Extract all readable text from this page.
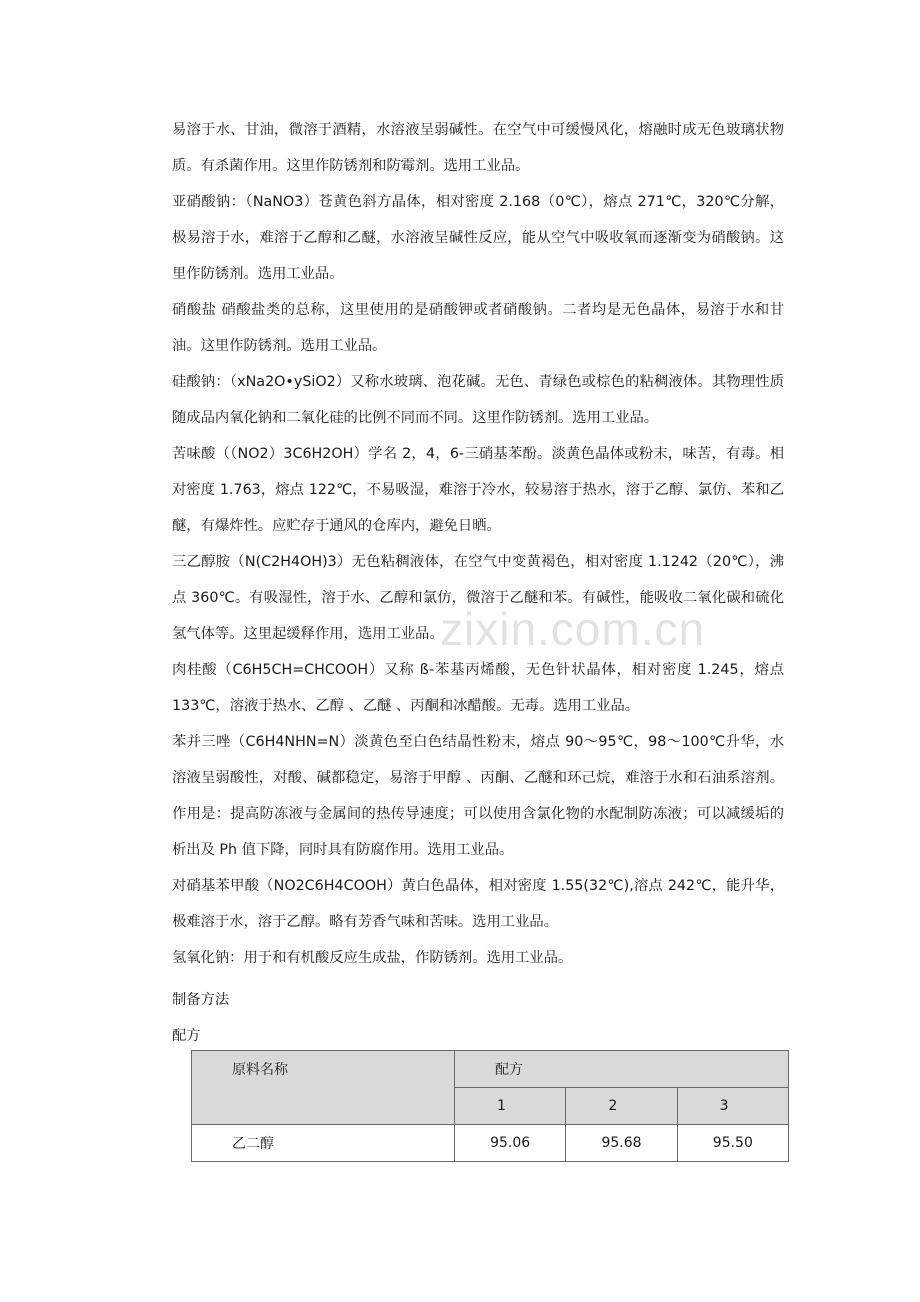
易溶于水、甘油，微溶于酒精，水溶液呈弱碱性。在空气中可缓慢风化，熔融时成无色玻璃状物质。有杀菌作用。这里作防锈剂和防霉剂。选用工业品。

亚硝酸钠：（NaNO3）苍黄色斜方晶体，相对密度 2.168（0℃），熔点 271℃，320℃分解，极易溶于水，难溶于乙醇和乙醚，水溶液呈碱性反应，能从空气中吸收氧而逐渐变为硝酸钠。这里作防锈剂。选用工业品。

硝酸盐 硝酸盐类的总称，这里使用的是硝酸钾或者硝酸钠。二者均是无色晶体，易溶于水和甘油。这里作防锈剂。选用工业品。

硅酸钠：（xNa2O•ySiO2）又称水玻璃、泡花碱。无色、青绿色或棕色的粘稠液体。其物理性质随成品内氧化钠和二氧化硅的比例不同而不同。这里作防锈剂。选用工业品。

苦味酸（（NO2）3C6H2OH）学名 2，4，6-三硝基苯酚。淡黄色晶体或粉末，味苦，有毒。相对密度 1.763，熔点 122℃，不易吸湿，难溶于冷水，较易溶于热水，溶于乙醇、氯仿、苯和乙醚，有爆炸性。应贮存于通风的仓库内，避免日晒。

三乙醇胺（N(C2H4OH)3）无色粘稠液体，在空气中变黄褐色，相对密度 1.1242（20℃），沸点 360℃。有吸湿性，溶于水、乙醇和氯仿，微溶于乙醚和苯。有碱性，能吸收二氧化碳和硫化氢气体等。这里起缓释作用，选用工业品。

肉桂酸（C6H5CH=CHCOOH）又称 ß-苯基丙烯酸，无色针状晶体，相对密度 1.245，熔点 133℃，溶液于热水、乙醇 、乙醚 、丙酮和冰醋酸。无毒。选用工业品。

苯并三唑（C6H4NHN=N）淡黄色至白色结晶性粉末，熔点 90～95℃，98～100℃升华，水溶液呈弱酸性，对酸、碱都稳定，易溶于甲醇 、丙酮、乙醚和环己烷，难溶于水和石油系溶剂。作用是：提高防冻液与金属间的热传导速度；可以使用含氯化物的水配制防冻液；可以减缓垢的析出及 Ph 值下降，同时具有防腐作用。选用工业品。

对硝基苯甲酸（NO2C6H4COOH）黄白色晶体，相对密度 1.55(32℃),溶点 242℃，能升华，极难溶于水，溶于乙醇。略有芳香气味和苦味。选用工业品。

氢氧化钠：用于和有机酸反应生成盐，作防锈剂。选用工业品。

制备方法

配方

zixin.com.cn
原料名称	配方		
	1	2	3
乙二醇	95.06	95.68	95.50
